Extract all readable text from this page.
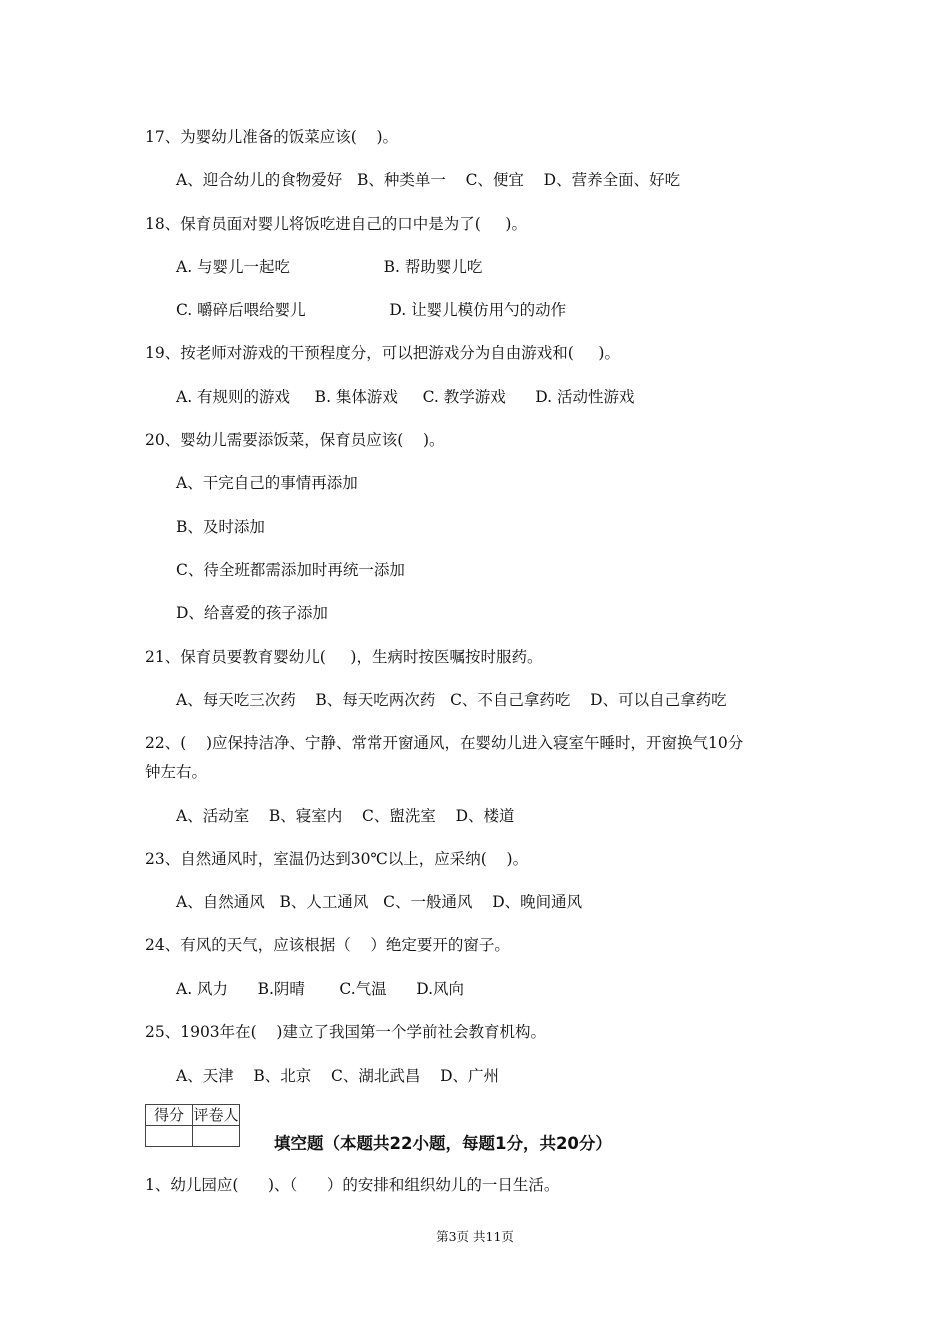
17、为婴幼儿准备的饭菜应该(    )。
A、迎合幼儿的食物爱好   B、种类单一    C、便宜    D、营养全面、好吃
18、保育员面对婴儿将饭吃进自己的口中是为了(     )。
A. 与婴儿一起吃                   B. 帮助婴儿吃
C. 嚼碎后喂给婴儿                 D. 让婴儿模仿用勺的动作
19、按老师对游戏的干预程度分，可以把游戏分为自由游戏和(     )。
A. 有规则的游戏     B. 集体游戏     C. 教学游戏      D. 活动性游戏
20、婴幼儿需要添饭菜，保育员应该(    )。
A、干完自己的事情再添加
B、及时添加
C、待全班都需添加时再统一添加
D、给喜爱的孩子添加
21、保育员要教育婴幼儿(     )，生病时按医嘱按时服药。
A、每天吃三次药    B、每天吃两次药   C、不自己拿药吃    D、可以自己拿药吃
22、(    )应保持洁净、宁静、常常开窗通风，在婴幼儿进入寝室午睡时，开窗换气10分
钟左右。
A、活动室    B、寝室内    C、盥洗室    D、楼道
23、自然通风时，室温仍达到30℃以上，应采纳(    )。
A、自然通风   B、人工通风   C、一般通风    D、晚间通风
24、有风的天气，应该根据（    ）绝定要开的窗子。
A. 风力      B.阴晴       C.气温      D.风向
25、1903年在(    )建立了我国第一个学前社会教育机构。
A、天津    B、北京    C、湖北武昌    D、广州
得分	评卷人

填空题（本题共22小题，每题1分，共20分）
1、幼儿园应(      )、（      ）的安排和组织幼儿的一日生活。
第3页 共11页
